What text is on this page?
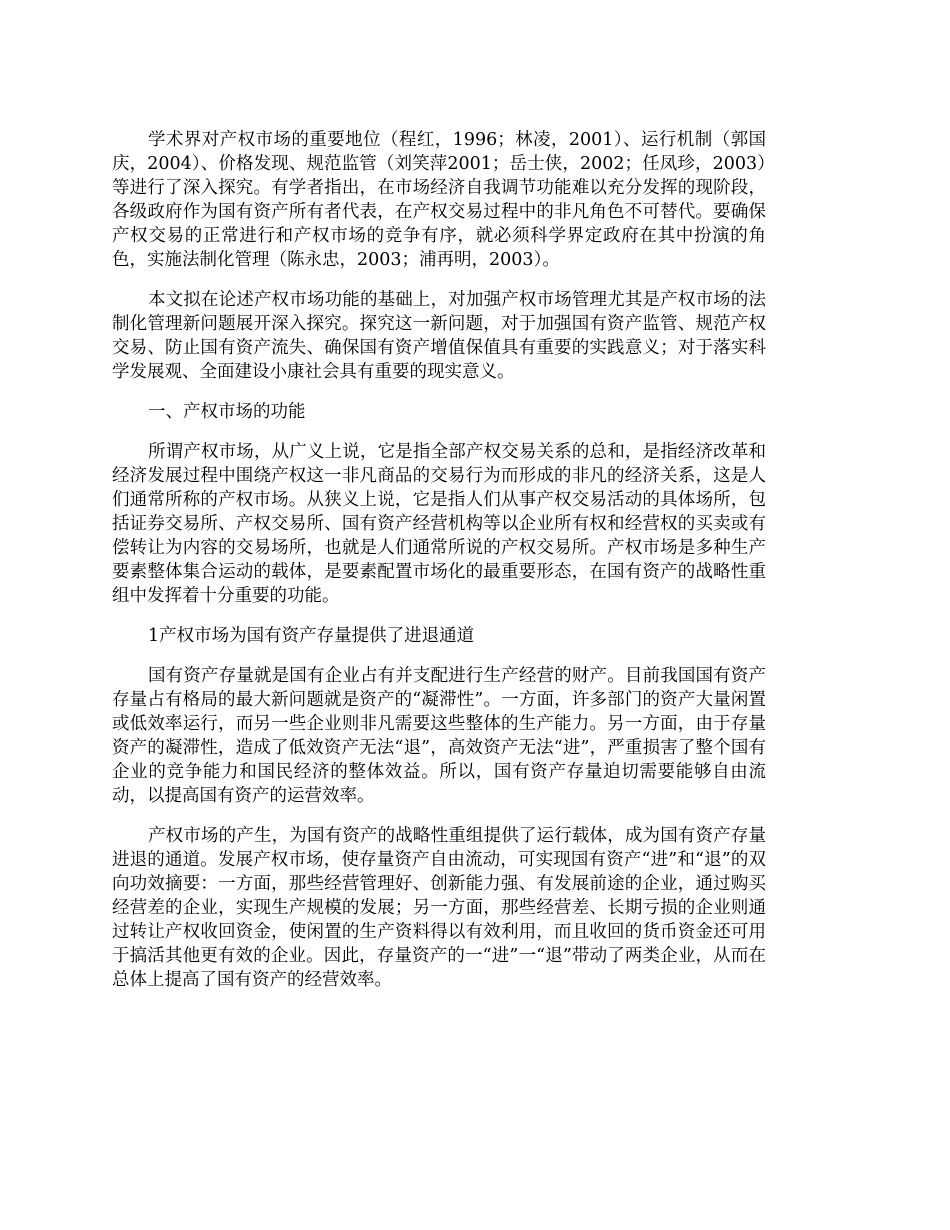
学术界对产权市场的重要地位（程红，1996；林凌，2001）、运行机制（郭国庆，2004）、价格发现、规范监管（刘笑萍2001；岳士侠，2002；任凤珍，2003）等进行了深入探究。有学者指出，在市场经济自我调节功能难以充分发挥的现阶段，各级政府作为国有资产所有者代表，在产权交易过程中的非凡角色不可替代。要确保产权交易的正常进行和产权市场的竞争有序，就必须科学界定政府在其中扮演的角色，实施法制化管理（陈永忠，2003；浦再明，2003）。

本文拟在论述产权市场功能的基础上，对加强产权市场管理尤其是产权市场的法制化管理新问题展开深入探究。探究这一新问题，对于加强国有资产监管、规范产权交易、防止国有资产流失、确保国有资产增值保值具有重要的实践意义；对于落实科学发展观、全面建设小康社会具有重要的现实意义。

一、产权市场的功能

所谓产权市场，从广义上说，它是指全部产权交易关系的总和，是指经济改革和经济发展过程中围绕产权这一非凡商品的交易行为而形成的非凡的经济关系，这是人们通常所称的产权市场。从狭义上说，它是指人们从事产权交易活动的具体场所，包括证券交易所、产权交易所、国有资产经营机构等以企业所有权和经营权的买卖或有偿转让为内容的交易场所，也就是人们通常所说的产权交易所。产权市场是多种生产要素整体集合运动的载体，是要素配置市场化的最重要形态，在国有资产的战略性重组中发挥着十分重要的功能。

1产权市场为国有资产存量提供了进退通道

国有资产存量就是国有企业占有并支配进行生产经营的财产。目前我国国有资产存量占有格局的最大新问题就是资产的“凝滞性”。一方面，许多部门的资产大量闲置或低效率运行，而另一些企业则非凡需要这些整体的生产能力。另一方面，由于存量资产的凝滞性，造成了低效资产无法“退”，高效资产无法“进”，严重损害了整个国有企业的竞争能力和国民经济的整体效益。所以，国有资产存量迫切需要能够自由流动，以提高国有资产的运营效率。

产权市场的产生，为国有资产的战略性重组提供了运行载体，成为国有资产存量进退的通道。发展产权市场，使存量资产自由流动，可实现国有资产“进”和“退”的双向功效摘要：一方面，那些经营管理好、创新能力强、有发展前途的企业，通过购买经营差的企业，实现生产规模的发展；另一方面，那些经营差、长期亏损的企业则通过转让产权收回资金，使闲置的生产资料得以有效利用，而且收回的货币资金还可用于搞活其他更有效的企业。因此，存量资产的一“进”一“退”带动了两类企业，从而在总体上提高了国有资产的经营效率。
